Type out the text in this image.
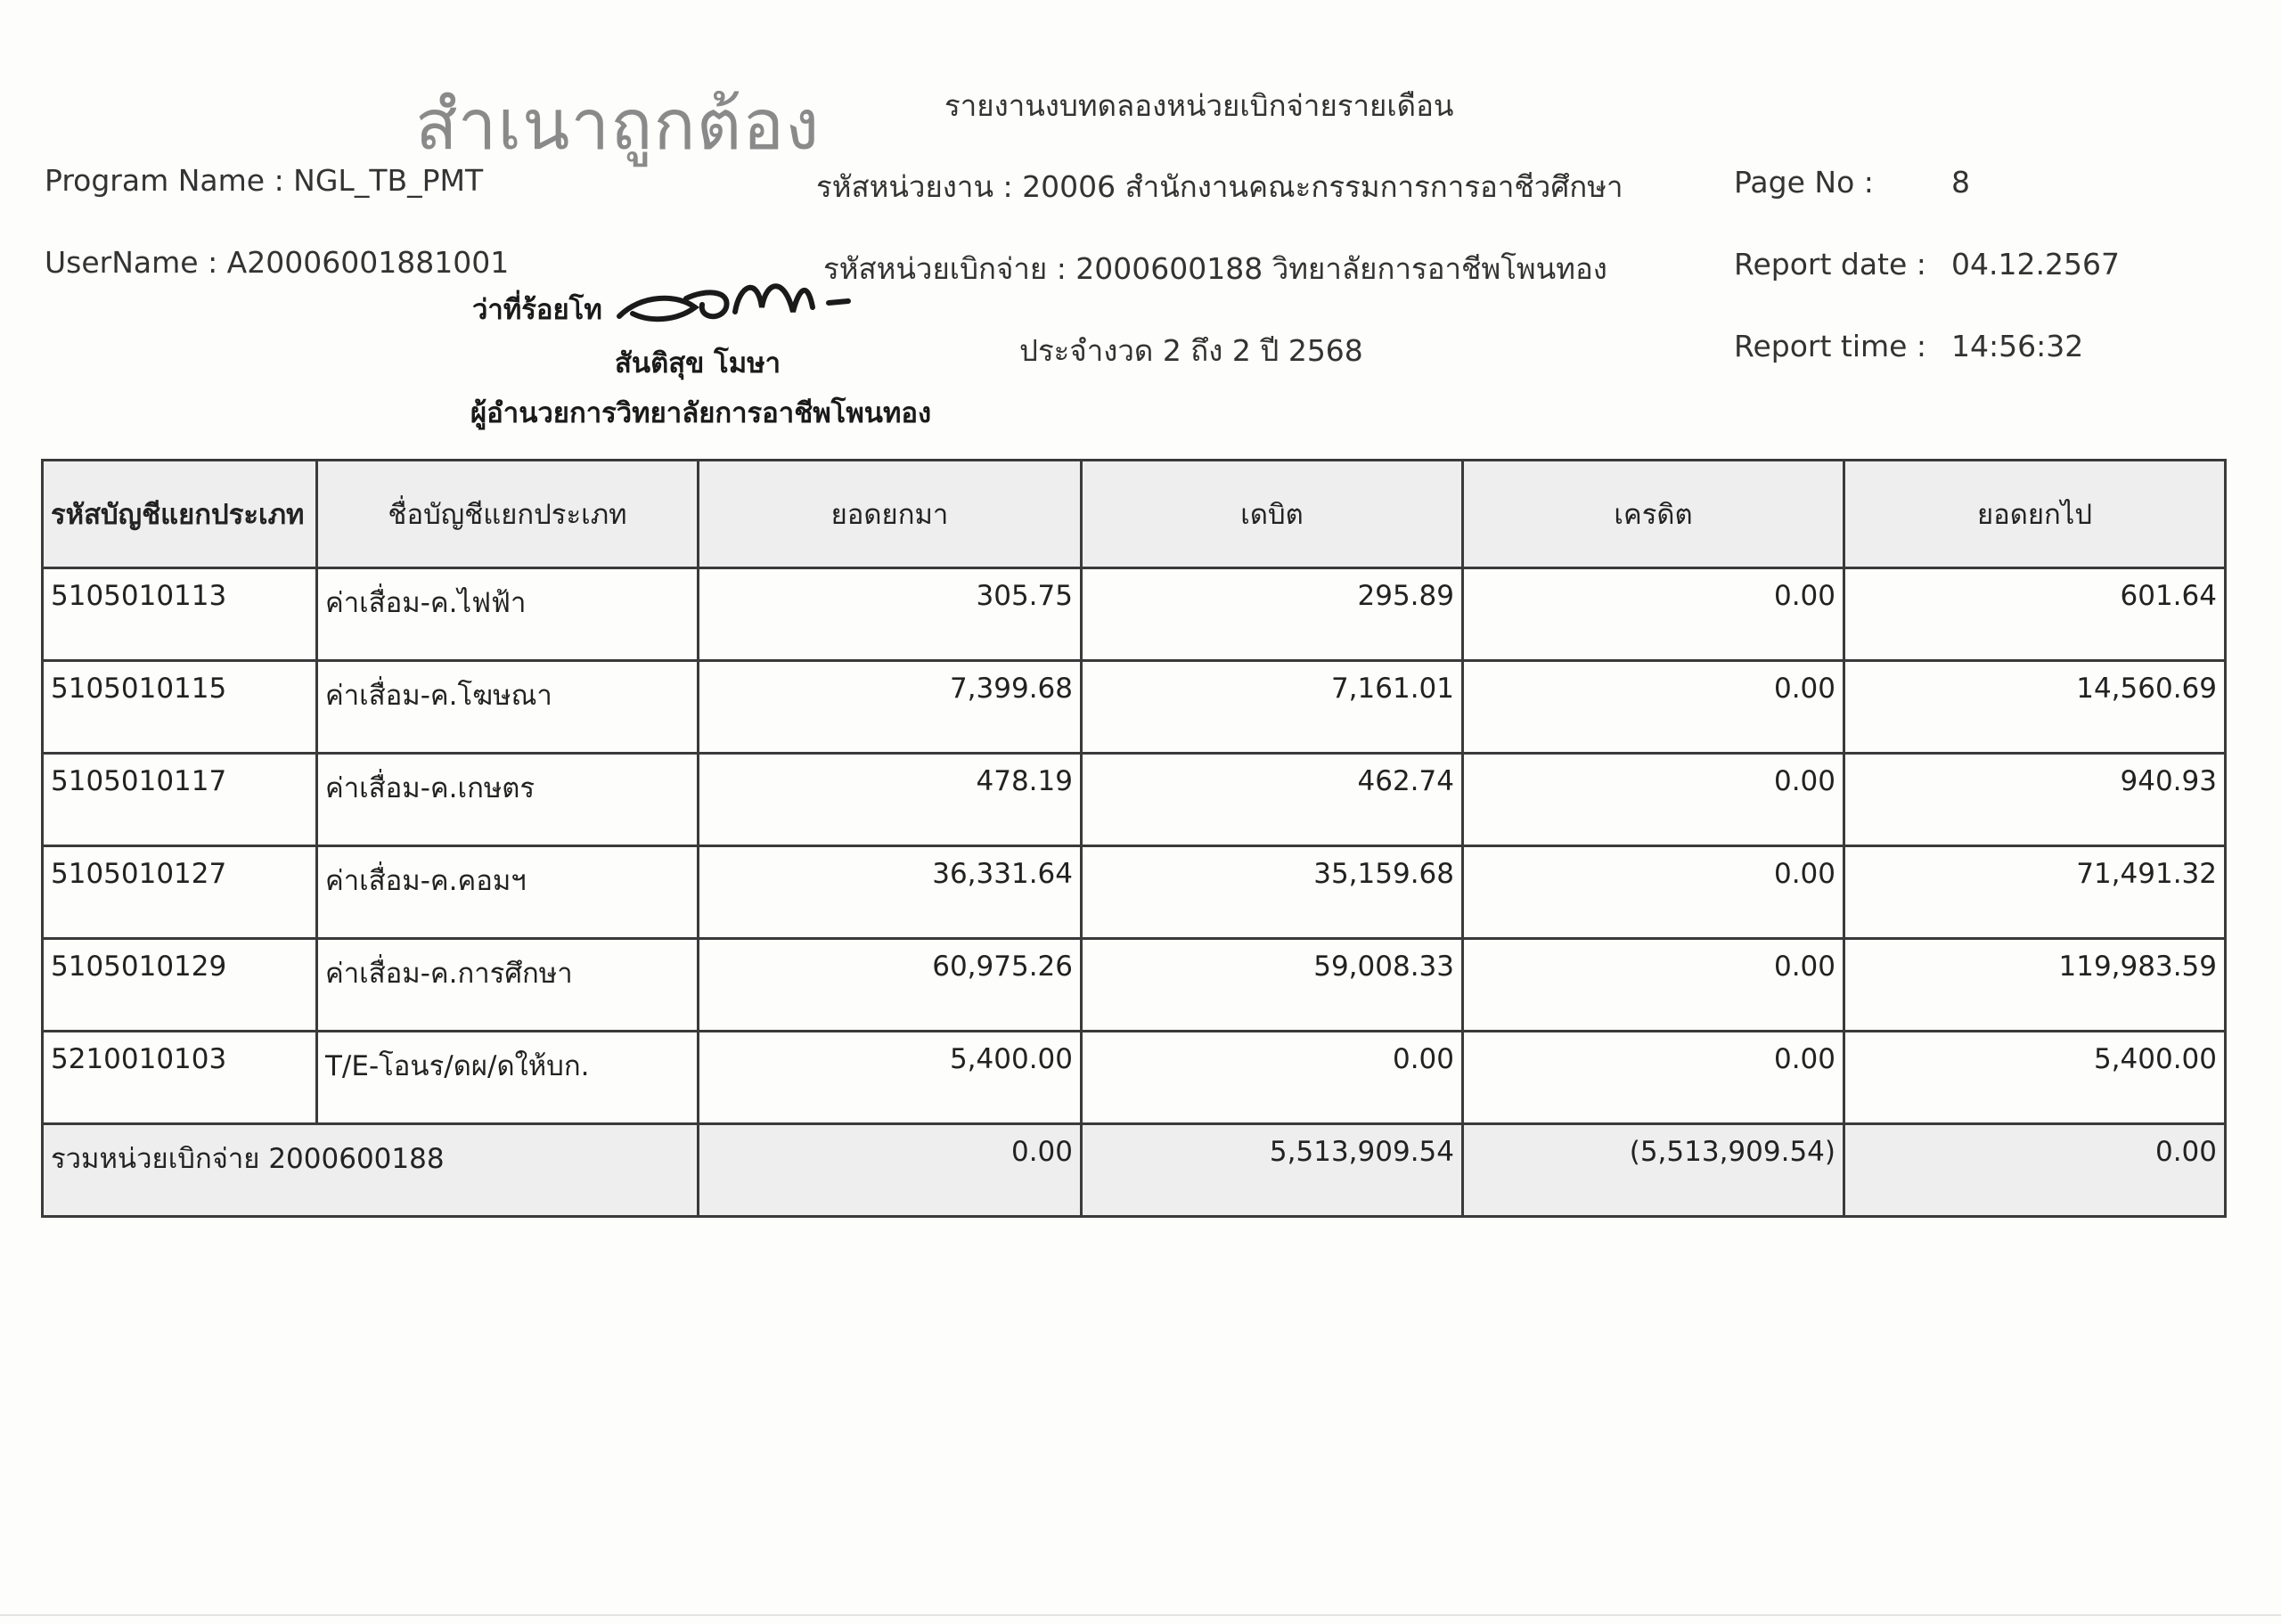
สำเนาถูกต้อง	รายงานงบทดลองหน่วยเบิกจ่ายรายเดือน
Program Name : NGL_TB_PMT
UserName : A20006001881001
รหัสหน่วยงาน : 20006 สำนักงานคณะกรรมการการอาชีวศึกษา
รหัสหน่วยเบิกจ่าย : 2000600188 วิทยาลัยการอาชีพโพนทอง
ประจำงวด 2 ถึง 2 ปี 2568
Page No :	8
Report date : 04.12.2567
Report time : 14:56:32
ว่าที่ร้อยโท
สันติสุข โมษา
ผู้อำนวยการวิทยาลัยการอาชีพโพนทอง
รหัสบัญชีแยกประเภท	ชื่อบัญชีแยกประเภท	ยอดยกมา	เดบิต	เครดิต	ยอดยกไป
5105010113	ค่าเสื่อม-ค.ไฟฟ้า	305.75	295.89	0.00	601.64
5105010115	ค่าเสื่อม-ค.โฆษณา	7,399.68	7,161.01	0.00	14,560.69
5105010117	ค่าเสื่อม-ค.เกษตร	478.19	462.74	0.00	940.93
5105010127	ค่าเสื่อม-ค.คอมฯ	36,331.64	35,159.68	0.00	71,491.32
5105010129	ค่าเสื่อม-ค.การศึกษา	60,975.26	59,008.33	0.00	119,983.59
5210010103	T/E-โอนร/ดผ/ดให้บก.	5,400.00	0.00	0.00	5,400.00
รวมหน่วยเบิกจ่าย 2000600188		0.00	5,513,909.54	(5,513,909.54)	0.00
